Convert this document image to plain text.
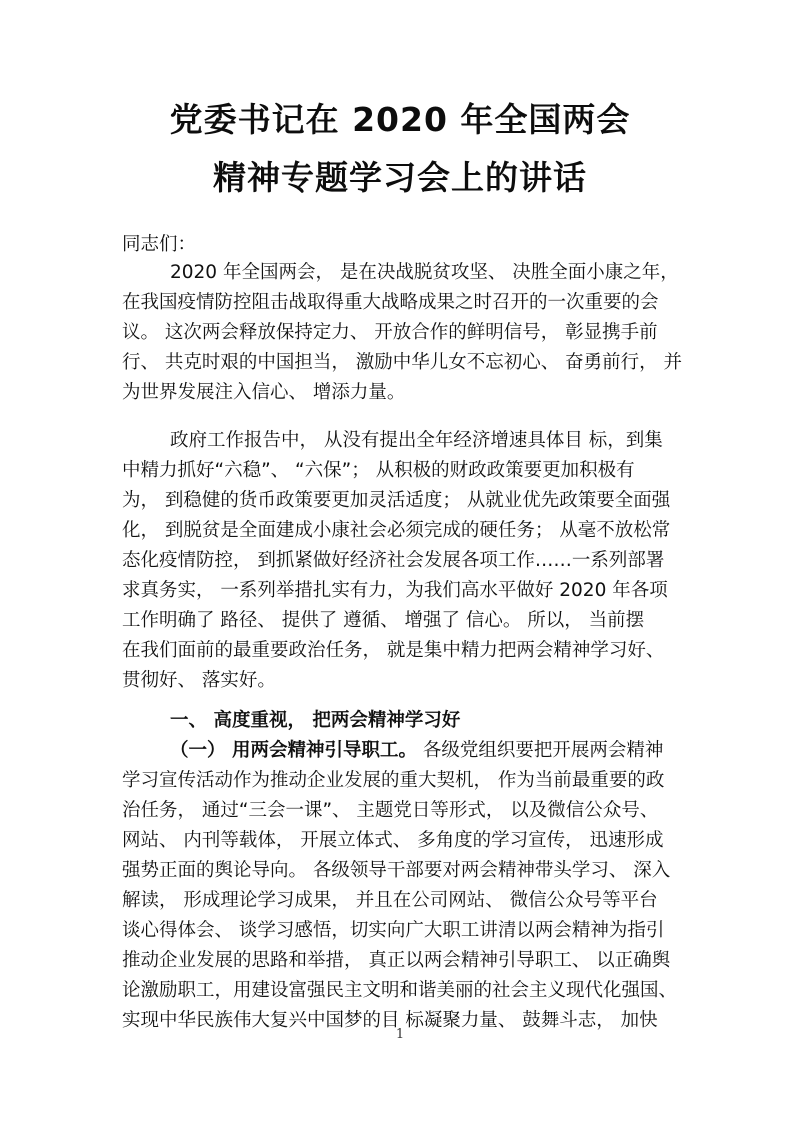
党委书记在 2020 年全国两会
精神专题学习会上的讲话
同志们：
2020 年全国两会， 是在决战脱贫攻坚、 决胜全面小康之年，
在我国疫情防控阻击战取得重大战略成果之时召开的一次重要的会
议。 这次两会释放保持定力、 开放合作的鲜明信号， 彰显携手前
行、 共克时艰的中国担当， 激励中华儿女不忘初心、 奋勇前行， 并
为世界发展注入信心、 增添力量。
政府工作报告中， 从没有提出全年经济增速具体目 标，到集
中精力抓好“六稳”、 “六保”； 从积极的财政政策要更加积极有
为， 到稳健的货币政策要更加灵活适度； 从就业优先政策要全面强
化， 到脱贫是全面建成小康社会必须完成的硬任务； 从毫不放松常
态化疫情防控， 到抓紧做好经济社会发展各项工作……一系列部署
求真务实， 一系列举措扎实有力，为我们高水平做好 2020 年各项
工作明确了 路径、 提供了 遵循、 增强了 信心。 所以， 当前摆
在我们面前的最重要政治任务， 就是集中精力把两会精神学习好、
贯彻好、 落实好。
一、 高度重视， 把两会精神学习好
（一） 用两会精神引导职工。 各级党组织要把开展两会精神
学习宣传活动作为推动企业发展的重大契机， 作为当前最重要的政
治任务， 通过“三会一课”、 主题党日等形式， 以及微信公众号、
网站、 内刊等载体， 开展立体式、 多角度的学习宣传， 迅速形成
强势正面的舆论导向。 各级领导干部要对两会精神带头学习、 深入
解读， 形成理论学习成果， 并且在公司网站、 微信公众号等平台
谈心得体会、 谈学习感悟，切实向广大职工讲清以两会精神为指引
推动企业发展的思路和举措， 真正以两会精神引导职工、 以正确舆
论激励职工，用建设富强民主文明和谐美丽的社会主义现代化强国、
实现中华民族伟大复兴中国梦的目 标凝聚力量、 鼓舞斗志， 加快
1
